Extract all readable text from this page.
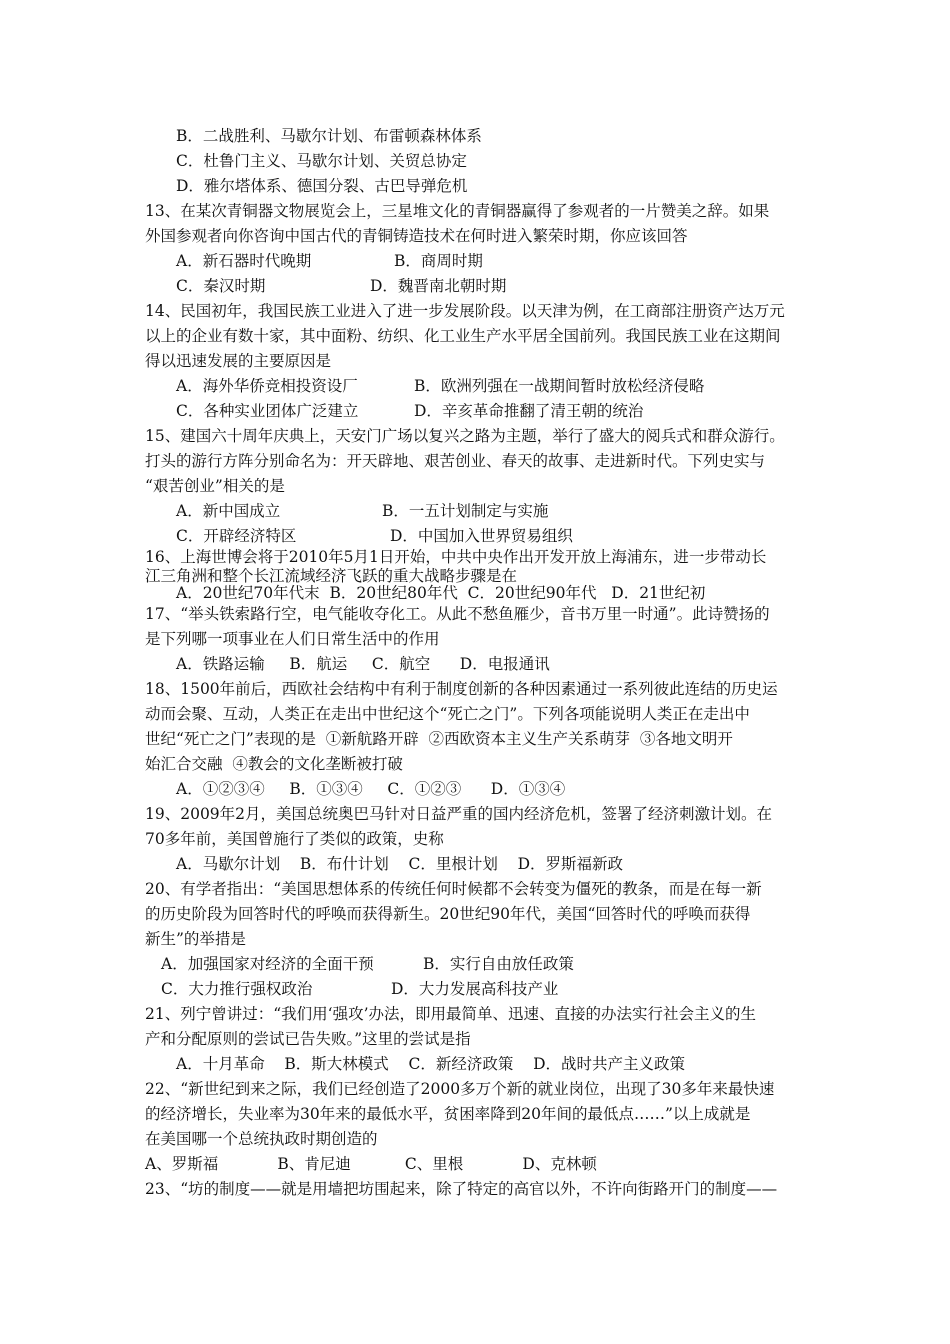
B．二战胜利、马歇尔计划、布雷顿森林体系
C．杜鲁门主义、马歇尔计划、关贸总协定
D．雅尔塔体系、德国分裂、古巴导弹危机
13、在某次青铜器文物展览会上，三星堆文化的青铜器赢得了参观者的一片赞美之辞。如果
外国参观者向你咨询中国古代的青铜铸造技术在何时进入繁荣时期，你应该回答
A．新石器时代晚期	B．商周时期
C．秦汉时期	D．魏晋南北朝时期
14、民国初年，我国民族工业进入了进一步发展阶段。以天津为例，在工商部注册资产达万元
以上的企业有数十家，其中面粉、纺织、化工业生产水平居全国前列。我国民族工业在这期间
得以迅速发展的主要原因是
A．海外华侨竞相投资设厂	B．欧洲列强在一战期间暂时放松经济侵略
C．各种实业团体广泛建立	D．辛亥革命推翻了清王朝的统治
15、建国六十周年庆典上，天安门广场以复兴之路为主题，举行了盛大的阅兵式和群众游行。
打头的游行方阵分别命名为：开天辟地、艰苦创业、春天的故事、走进新时代。下列史实与
“艰苦创业”相关的是
A．新中国成立	B．一五计划制定与实施
C．开辟经济特区	D．中国加入世界贸易组织
16、上海世博会将于2010年5月1日开始，中共中央作出开发开放上海浦东，进一步带动长
江三角洲和整个长江流域经济飞跃的重大战略步骤是在
A．20世纪70年代末  B．20世纪80年代  C．20世纪90年代   D．21世纪初
17、“举头铁索路行空，电气能收夺化工。从此不愁鱼雁少，音书万里一时通”。此诗赞扬的
是下列哪一项事业在人们日常生活中的作用
A．铁路运输     B．航运     C．航空      D．电报通讯
18、1500年前后，西欧社会结构中有利于制度创新的各种因素通过一系列彼此连结的历史运
动而会聚、互动，人类正在走出中世纪这个“死亡之门”。下列各项能说明人类正在走出中
世纪“死亡之门”表现的是  ①新航路开辟  ②西欧资本主义生产关系萌芽  ③各地文明开
始汇合交融  ④教会的文化垄断被打破
A．①②③④     B．①③④     C．①②③      D．①③④
19、2009年2月，美国总统奥巴马针对日益严重的国内经济危机，签署了经济刺激计划。在
70多年前，美国曾施行了类似的政策，史称
A．马歇尔计划    B．布什计划    C．里根计划    D．罗斯福新政
20、有学者指出：“美国思想体系的传统任何时候都不会转变为僵死的教条，而是在每一新
的历史阶段为回答时代的呼唤而获得新生。20世纪90年代，美国“回答时代的呼唤而获得
新生”的举措是
A．加强国家对经济的全面干预	B．实行自由放任政策
C．大力推行强权政治	D．大力发展高科技产业
21、列宁曾讲过：“我们用‘强攻’办法，即用最简单、迅速、直接的办法实行社会主义的生
产和分配原则的尝试已告失败。”这里的尝试是指
A．十月革命    B．斯大林模式    C．新经济政策    D．战时共产主义政策
22、“新世纪到来之际，我们已经创造了2000多万个新的就业岗位，出现了30多年来最快速
的经济增长，失业率为30年来的最低水平，贫困率降到20年间的最低点……”以上成就是
在美国哪一个总统执政时期创造的
A、罗斯福            B、肯尼迪           C、里根            D、克林顿
23、“坊的制度——就是用墙把坊围起来，除了特定的高官以外，不许向街路开门的制度——
